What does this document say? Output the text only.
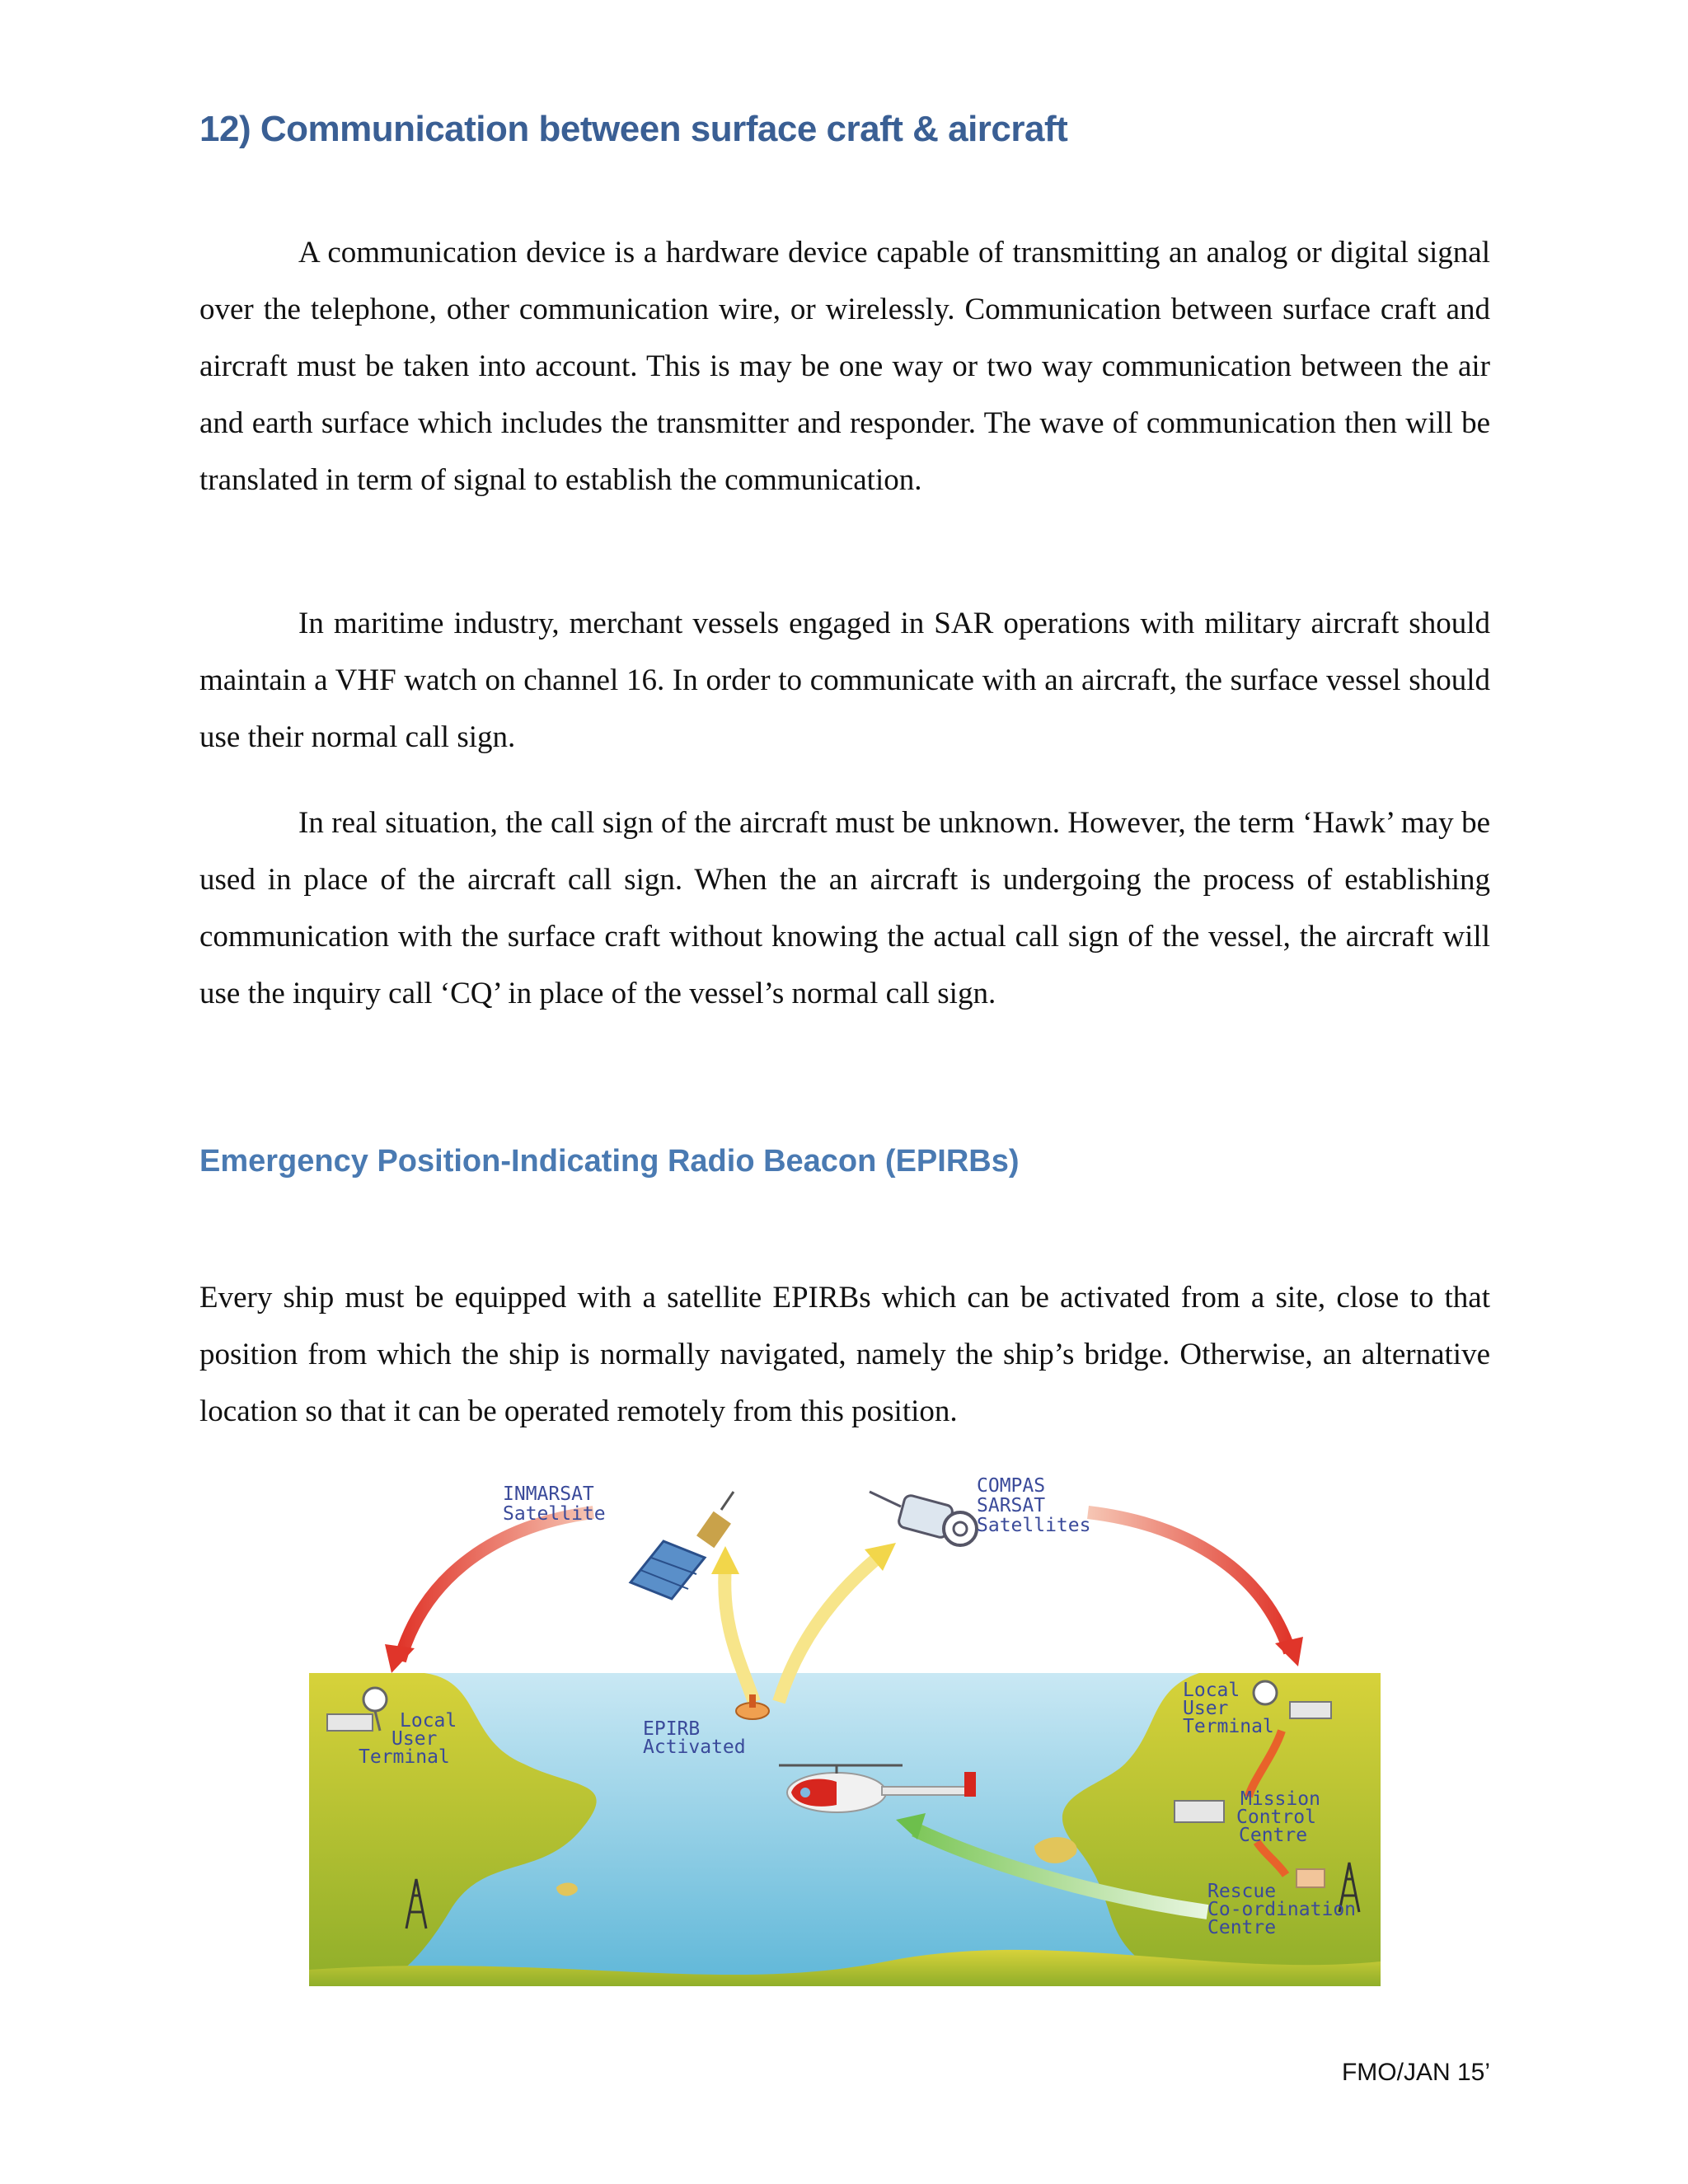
12) Communication between surface craft & aircraft

A communication device is a hardware device capable of transmitting an analog or digital signal over the telephone, other communication wire, or wirelessly. Communication between surface craft and aircraft must be taken into account. This is may be one way or two way communication between the air and earth surface which includes the transmitter and responder. The wave of communication then will be translated in term of signal to establish the communication.

In maritime industry, merchant vessels engaged in SAR operations with military aircraft should maintain a VHF watch on channel 16. In order to communicate with an aircraft, the surface vessel should use their normal call sign.

In real situation, the call sign of the aircraft must be unknown. However, the term ‘Hawk’ may be used in place of the aircraft call sign. When the an aircraft is undergoing the process of establishing communication with the surface craft without knowing the actual call sign of the vessel, the aircraft will use the inquiry call ‘CQ’ in place of the vessel’s normal call sign.

Emergency Position-Indicating Radio Beacon (EPIRBs)

Every ship must be equipped with a satellite EPIRBs which can be activated from a site, close to that position from which the ship is normally navigated, namely the ship’s bridge. Otherwise, an alternative location so that it can be operated remotely from this position.

INMARSAT Satellite
COMPAS SARSAT Satellites
Local User Terminal
Local User Terminal
EPIRB Activated
Mission Control Centre
Rescue Co-ordination Centre
FMO/JAN 15’
